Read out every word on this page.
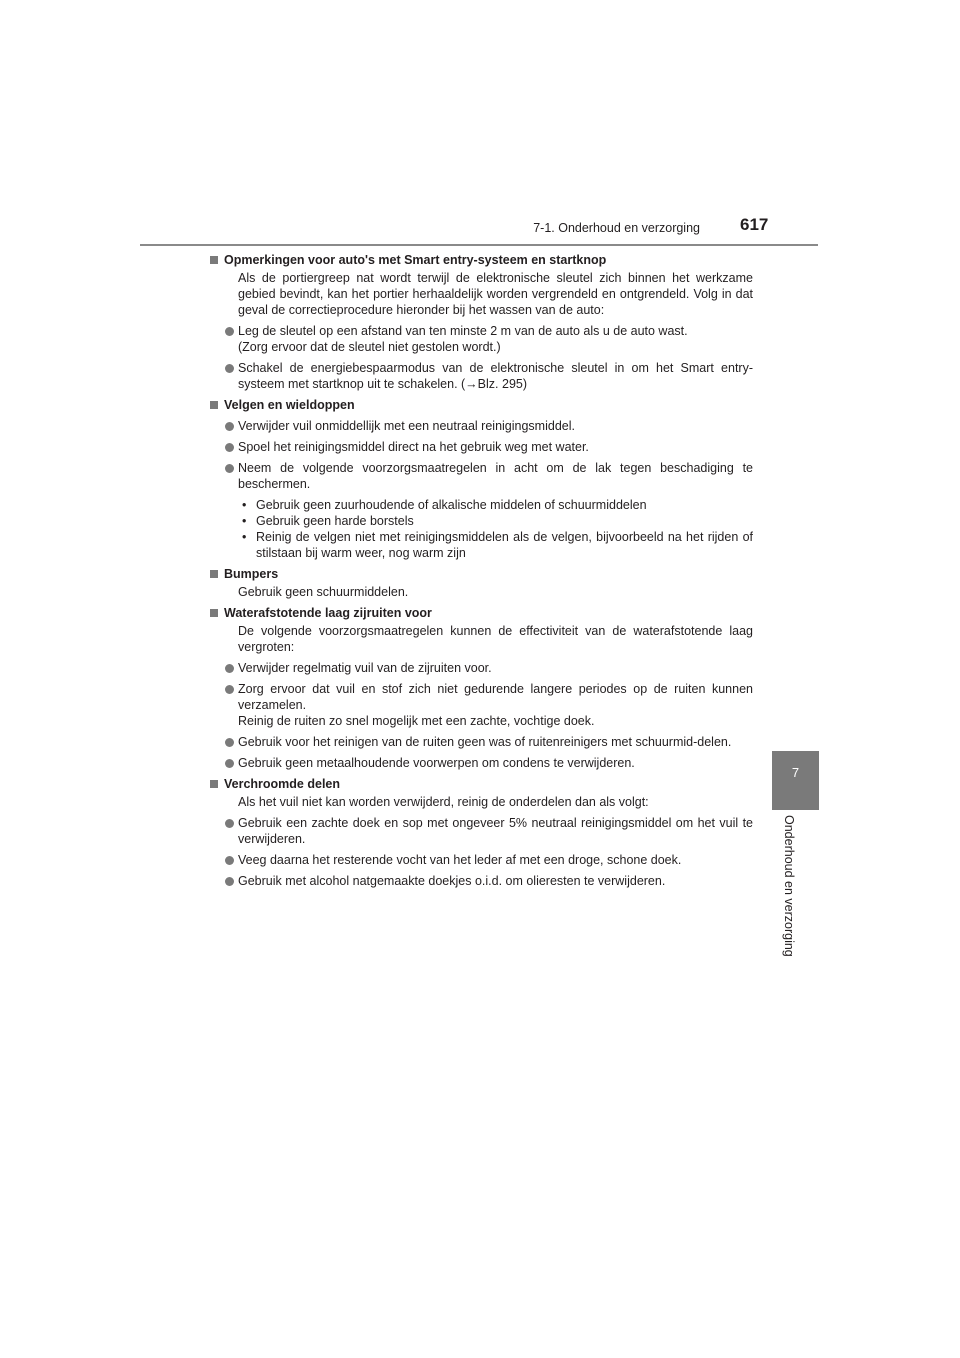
7-1. Onderhoud en verzorging 617
7
Onderhoud en verzorging
Opmerkingen voor auto's met Smart entry-systeem en startknop
Als de portiergreep nat wordt terwijl de elektronische sleutel zich binnen het werkzame gebied bevindt, kan het portier herhaaldelijk worden vergrendeld en ontgrendeld. Volg in dat geval de correctieprocedure hieronder bij het wassen van de auto:
Leg de sleutel op een afstand van ten minste 2 m van de auto als u de auto wast.
(Zorg ervoor dat de sleutel niet gestolen wordt.)
Schakel de energiebespaarmodus van de elektronische sleutel in om het Smart entry-systeem met startknop uit te schakelen. (→Blz. 295)
Velgen en wieldoppen
Verwijder vuil onmiddellijk met een neutraal reinigingsmiddel.
Spoel het reinigingsmiddel direct na het gebruik weg met water.
Neem de volgende voorzorgsmaatregelen in acht om de lak tegen beschadiging te beschermen.
• Gebruik geen zuurhoudende of alkalische middelen of schuurmiddelen
• Gebruik geen harde borstels
• Reinig de velgen niet met reinigingsmiddelen als de velgen, bijvoorbeeld na het rijden of stilstaan bij warm weer, nog warm zijn
Bumpers
Gebruik geen schuurmiddelen.
Waterafstotende laag zijruiten voor
De volgende voorzorgsmaatregelen kunnen de effectiviteit van de waterafstotende laag vergroten:
Verwijder regelmatig vuil van de zijruiten voor.
Zorg ervoor dat vuil en stof zich niet gedurende langere periodes op de ruiten kunnen verzamelen.
Reinig de ruiten zo snel mogelijk met een zachte, vochtige doek.
Gebruik voor het reinigen van de ruiten geen was of ruitenreinigers met schuurmid-delen.
Gebruik geen metaalhoudende voorwerpen om condens te verwijderen.
Verchroomde delen
Als het vuil niet kan worden verwijderd, reinig de onderdelen dan als volgt:
Gebruik een zachte doek en sop met ongeveer 5% neutraal reinigingsmiddel om het vuil te verwijderen.
Veeg daarna het resterende vocht van het leder af met een droge, schone doek.
Gebruik met alcohol natgemaakte doekjes o.i.d. om olieresten te verwijderen.
